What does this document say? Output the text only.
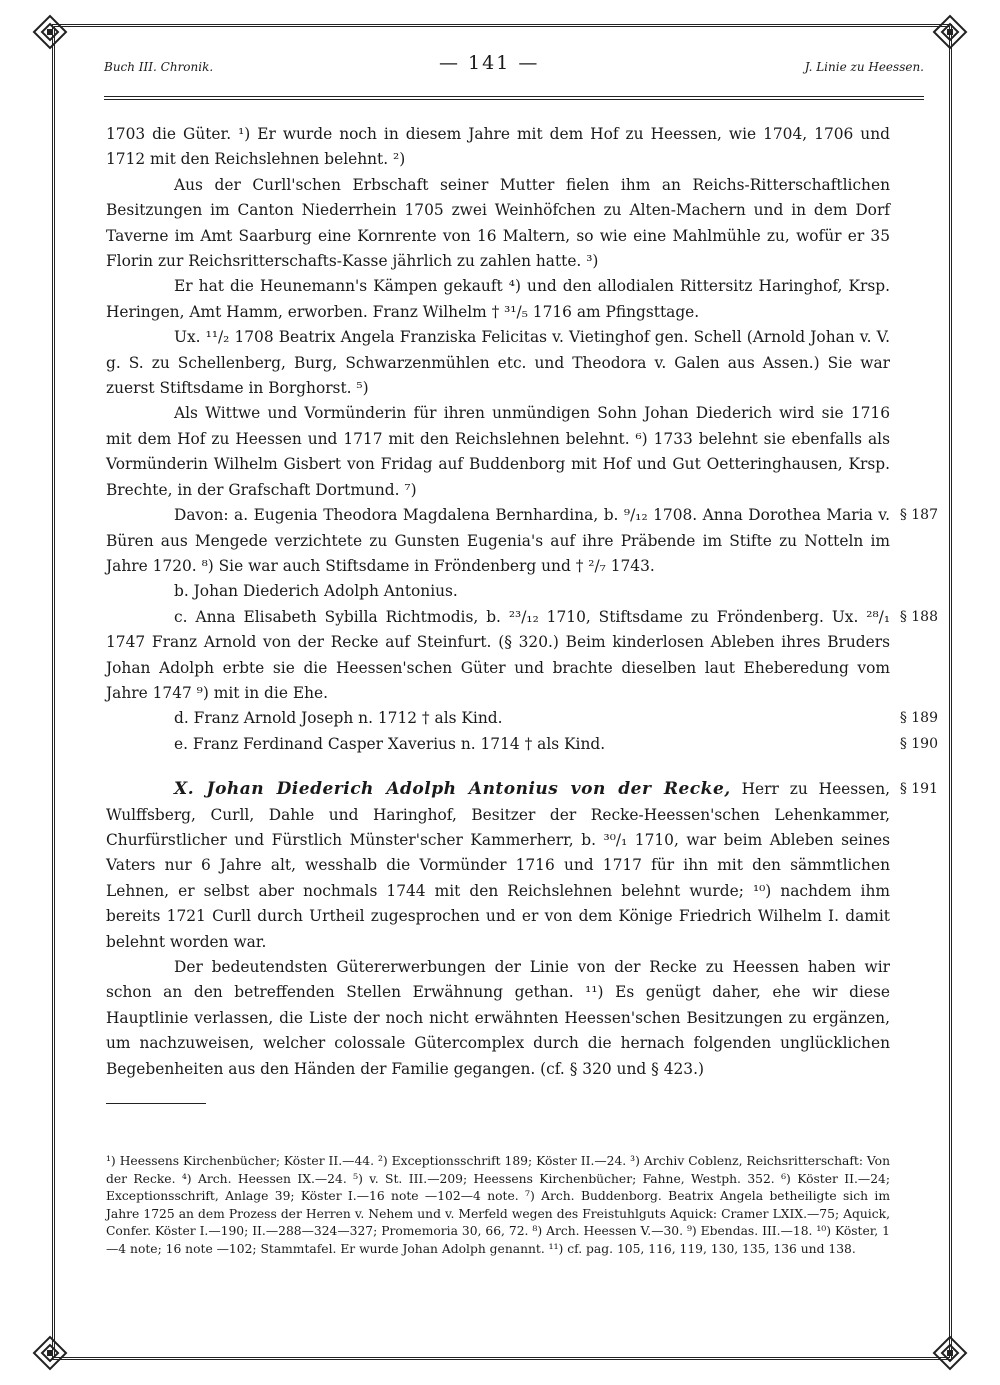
Buch III. Chronik.	— 141 —	J. Linie zu Heessen.

1703 die Güter. ¹) Er wurde noch in diesem Jahre mit dem Hof zu Heessen, wie 1704, 1706 und 1712 mit den Reichslehnen belehnt. ²)

Aus der Curll'schen Erbschaft seiner Mutter fielen ihm an Reichs-Ritterschaftlichen Besitzungen im Canton Niederrhein 1705 zwei Weinhöfchen zu Alten-Machern und in dem Dorf Taverne im Amt Saarburg eine Kornrente von 16 Maltern, so wie eine Mahlmühle zu, wofür er 35 Florin zur Reichsritterschafts-Kasse jährlich zu zahlen hatte. ³)

Er hat die Heunemann's Kämpen gekauft ⁴) und den allodialen Rittersitz Haringhof, Krsp. Heringen, Amt Hamm, erworben. Franz Wilhelm † ³¹/₅ 1716 am Pfingsttage.

Ux. ¹¹/₂ 1708 Beatrix Angela Franziska Felicitas v. Vietinghof gen. Schell (Arnold Johan v. V. g. S. zu Schellenberg, Burg, Schwarzenmühlen etc. und Theodora v. Galen aus Assen.) Sie war zuerst Stiftsdame in Borghorst. ⁵)

Als Wittwe und Vormünderin für ihren unmündigen Sohn Johan Diederich wird sie 1716 mit dem Hof zu Heessen und 1717 mit den Reichslehnen belehnt. ⁶) 1733 belehnt sie ebenfalls als Vormünderin Wilhelm Gisbert von Fridag auf Buddenborg mit Hof und Gut Oetteringhausen, Krsp. Brechte, in der Grafschaft Dortmund. ⁷)

Davon: a. Eugenia Theodora Magdalena Bernhardina, b. ⁹/₁₂ 1708. Anna Dorothea Maria v. Büren aus Mengede verzichtete zu Gunsten Eugenia's auf ihre Präbende im Stifte zu Notteln im Jahre 1720. ⁸) Sie war auch Stiftsdame in Fröndenberg und † ²/₇ 1743.
§ 187

b. Johan Diederich Adolph Antonius.

c. Anna Elisabeth Sybilla Richtmodis, b. ²³/₁₂ 1710, Stiftsdame zu Fröndenberg. Ux. ²⁸/₁ 1747 Franz Arnold von der Recke auf Steinfurt. (§ 320.) Beim kinderlosen Ableben ihres Bruders Johan Adolph erbte sie die Heessen'schen Güter und brachte dieselben laut Eheberedung vom Jahre 1747 ⁹) mit in die Ehe.
§ 188

d. Franz Arnold Joseph n. 1712 † als Kind.	§ 189

e. Franz Ferdinand Casper Xaverius n. 1714 † als Kind.	§ 190

X. Johan Diederich Adolph Antonius von der Recke, Herr zu Heessen, Wulffsberg, Curll, Dahle und Haringhof, Besitzer der Recke-Heessen'schen Lehenkammer, Churfürstlicher und Fürstlich Münster'scher Kammerherr, b. ³⁰/₁ 1710, war beim Ableben seines Vaters nur 6 Jahre alt, wesshalb die Vormünder 1716 und 1717 für ihn mit den sämmtlichen Lehnen, er selbst aber nochmals 1744 mit den Reichslehnen belehnt wurde; ¹⁰) nachdem ihm bereits 1721 Curll durch Urtheil zugesprochen und er von dem Könige Friedrich Wilhelm I. damit belehnt worden war.
§ 191

Der bedeutendsten Gütererwerbungen der Linie von der Recke zu Heessen haben wir schon an den betreffenden Stellen Erwähnung gethan. ¹¹) Es genügt daher, ehe wir diese Hauptlinie verlassen, die Liste der noch nicht erwähnten Heessen'schen Besitzungen zu ergänzen, um nachzuweisen, welcher colossale Gütercomplex durch die hernach folgenden unglücklichen Begebenheiten aus den Händen der Familie gegangen. (cf. § 320 und § 423.)

¹) Heessens Kirchenbücher; Köster II.—44. ²) Exceptionsschrift 189; Köster II.—24. ³) Archiv Coblenz, Reichsritterschaft: Von der Recke. ⁴) Arch. Heessen IX.—24. ⁵) v. St. III.—209; Heessens Kirchenbücher; Fahne, Westph. 352. ⁶) Köster II.—24; Exceptionsschrift, Anlage 39; Köster I.—16 note —102—4 note. ⁷) Arch. Buddenborg. Beatrix Angela betheiligte sich im Jahre 1725 an dem Prozess der Herren v. Nehem und v. Merfeld wegen des Freistuhlguts Aquick: Cramer LXIX.—75; Aquick, Confer. Köster I.—190; II.—288—324—327; Promemoria 30, 66, 72. ⁸) Arch. Heessen V.—30. ⁹) Ebendas. III.—18. ¹⁰) Köster, 1—4 note; 16 note —102; Stammtafel. Er wurde Johan Adolph genannt. ¹¹) cf. pag. 105, 116, 119, 130, 135, 136 und 138.
